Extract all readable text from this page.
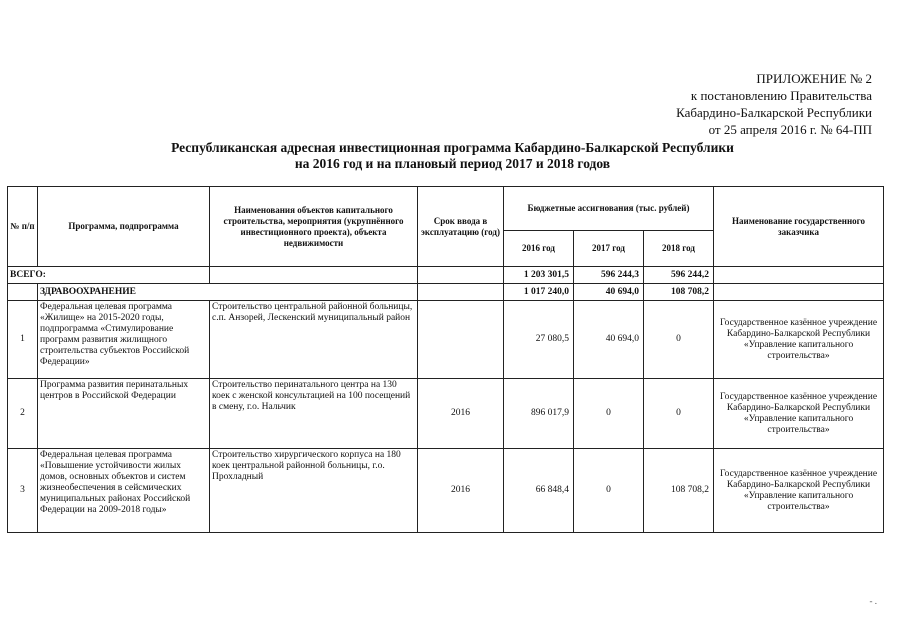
ПРИЛОЖЕНИЕ № 2
к постановлению Правительства
Кабардино-Балкарской Республики
от 25 апреля 2016 г. № 64-ПП
Республиканская адресная инвестиционная программа Кабардино-Балкарской Республики
на 2016 год и на плановый период 2017 и 2018 годов
№ п/п	Программа, подпрограмма	Наименования объектов капитального строительства, мероприятия (укрупнённого инвестиционного проекта), объекта недвижимости	Срок ввода в эксплуатацию (год)	Бюджетные ассигнования (тыс. рублей)			Наименование государственного заказчика
				2016 год	2017 год	2018 год	
ВСЕГО:				1 203 301,5	596 244,3	596 244,2	
	ЗДРАВООХРАНЕНИЕ			1 017 240,0	40 694,0	108 708,2	
1	Федеральная целевая программа «Жилище» на 2015-2020 годы, подпрограмма «Стимулирование программ развития жилищного строительства субъектов Российской Федерации»	Строительство центральной районной больницы, с.п. Анзорей, Лескенский муниципальный район		27 080,5	40 694,0	0	Государственное казённое учреждение Кабардино-Балкарской Республики «Управление капитального строительства»
2	Программа развития перинатальных центров в Российской Федерации	Строительство перинатального центра на 130 коек с женской консультацией на 100 посещений в смену, г.о. Нальчик	2016	896 017,9	0	0	Государственное казённое учреждение Кабардино-Балкарской Республики «Управление капитального строительства»
3	Федеральная целевая программа «Повышение устойчивости жилых домов, основных объектов и систем жизнеобеспечения в сейсмических муниципальных районах Российской Федерации на 2009-2018 годы»	Строительство хирургического корпуса на 180 коек центральной районной больницы, г.о. Прохладный	2016	66 848,4	0	108 708,2	Государственное казённое учреждение Кабардино-Балкарской Республики «Управление капитального строительства»
- .
